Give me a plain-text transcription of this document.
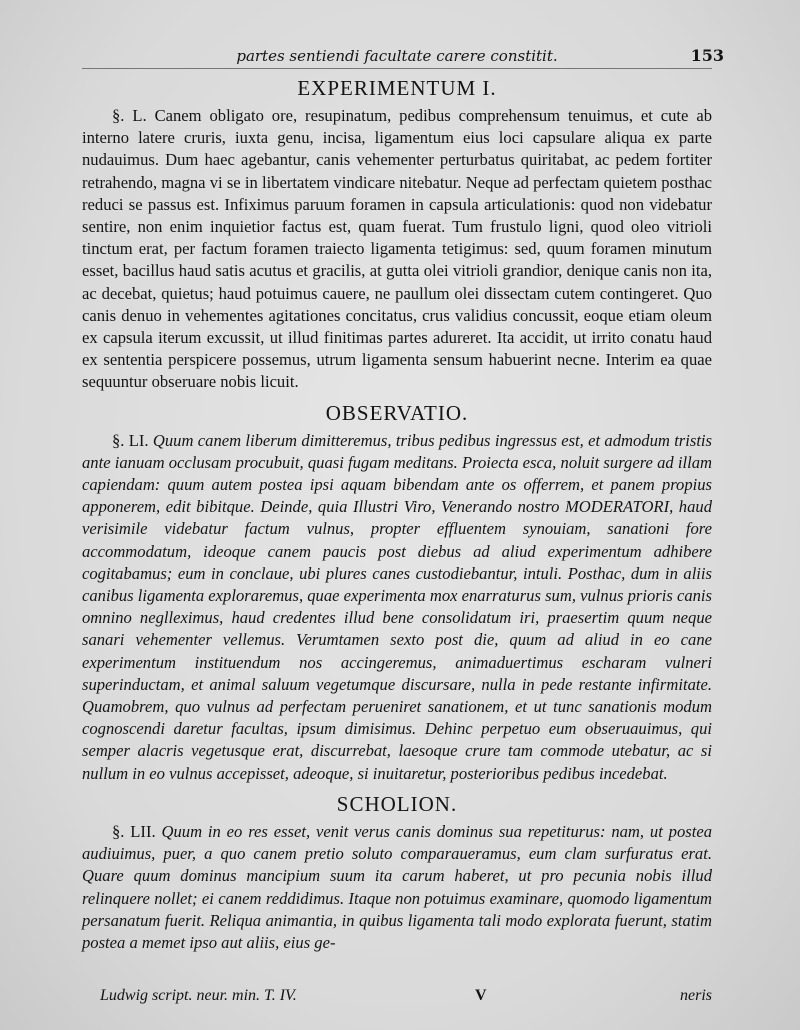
partes sentiendi facultate carere constitit.	153
EXPERIMENTUM I.

§. L. Canem obligato ore, resupinatum, pedibus comprehensum tenuimus, et cute ab interno latere cruris, iuxta genu, incisa, ligamentum eius loci capsulare aliqua ex parte nudauimus. Dum haec agebantur, canis vehementer perturbatus quiritabat, ac pedem fortiter retrahendo, magna vi se in libertatem vindicare nitebatur. Neque ad perfectam quietem posthac reduci se passus est. Infiximus paruum foramen in capsula articulationis: quod non videbatur sentire, non enim inquietior factus est, quam fuerat. Tum frustulo ligni, quod oleo vitrioli tinctum erat, per factum foramen traiecto ligamenta tetigimus: sed, quum foramen minutum esset, bacillus haud satis acutus et gracilis, at gutta olei vitrioli grandior, denique canis non ita, ac decebat, quietus; haud potuimus cauere, ne paullum olei dissectam cutem contingeret. Quo canis denuo in vehementes agitationes concitatus, crus validius concussit, eoque etiam oleum ex capsula iterum excussit, ut illud finitimas partes adureret. Ita accidit, ut irrito conatu haud ex sententia perspicere possemus, utrum ligamenta sensum habuerint necne. Interim ea quae sequuntur obseruare nobis licuit.

OBSERVATIO.

§. LI. Quum canem liberum dimitteremus, tribus pedibus ingressus est, et admodum tristis ante ianuam occlusam procubuit, quasi fugam meditans. Proiecta esca, noluit surgere ad illam capiendam: quum autem postea ipsi aquam bibendam ante os offerrem, et panem propius apponerem, edit bibitque. Deinde, quia Illustri Viro, Venerando nostro MODERATORI, haud verisimile videbatur factum vulnus, propter effluentem synouiam, sanationi fore accommodatum, ideoque canem paucis post diebus ad aliud experimentum adhibere cogitabamus; eum in conclaue, ubi plures canes custodiebantur, intuli. Posthac, dum in aliis canibus ligamenta exploraremus, quae experimenta mox enarraturus sum, vulnus prioris canis omnino neglleximus, haud credentes illud bene consolidatum iri, praesertim quum neque sanari vehementer vellemus. Verumtamen sexto post die, quum ad aliud in eo cane experimentum instituendum nos accingeremus, animaduertimus escharam vulneri superinductam, et animal saluum vegetumque discursare, nulla in pede restante infirmitate. Quamobrem, quo vulnus ad perfectam perueniret sanationem, et ut tunc sanationis modum cognoscendi daretur facultas, ipsum dimisimus. Dehinc perpetuo eum obseruauimus, qui semper alacris vegetusque erat, discurrebat, laesoque crure tam commode utebatur, ac si nullum in eo vulnus accepisset, adeoque, si inuitaretur, posterioribus pedibus incedebat.

SCHOLION.

§. LII. Quum in eo res esset, venit verus canis dominus sua repetiturus: nam, ut postea audiuimus, puer, a quo canem pretio soluto comparaueramus, eum clam surfuratus erat. Quare quum dominus mancipium suum ita carum haberet, ut pro pecunia nobis illud relinquere nollet; ei canem reddidimus. Itaque non potuimus examinare, quomodo ligamentum persanatum fuerit. Reliqua animantia, in quibus ligamenta tali modo explorata fuerunt, statim postea a memet ipso aut aliis, eius ge-

Ludwig script. neur. min. T. IV.	V	neris
